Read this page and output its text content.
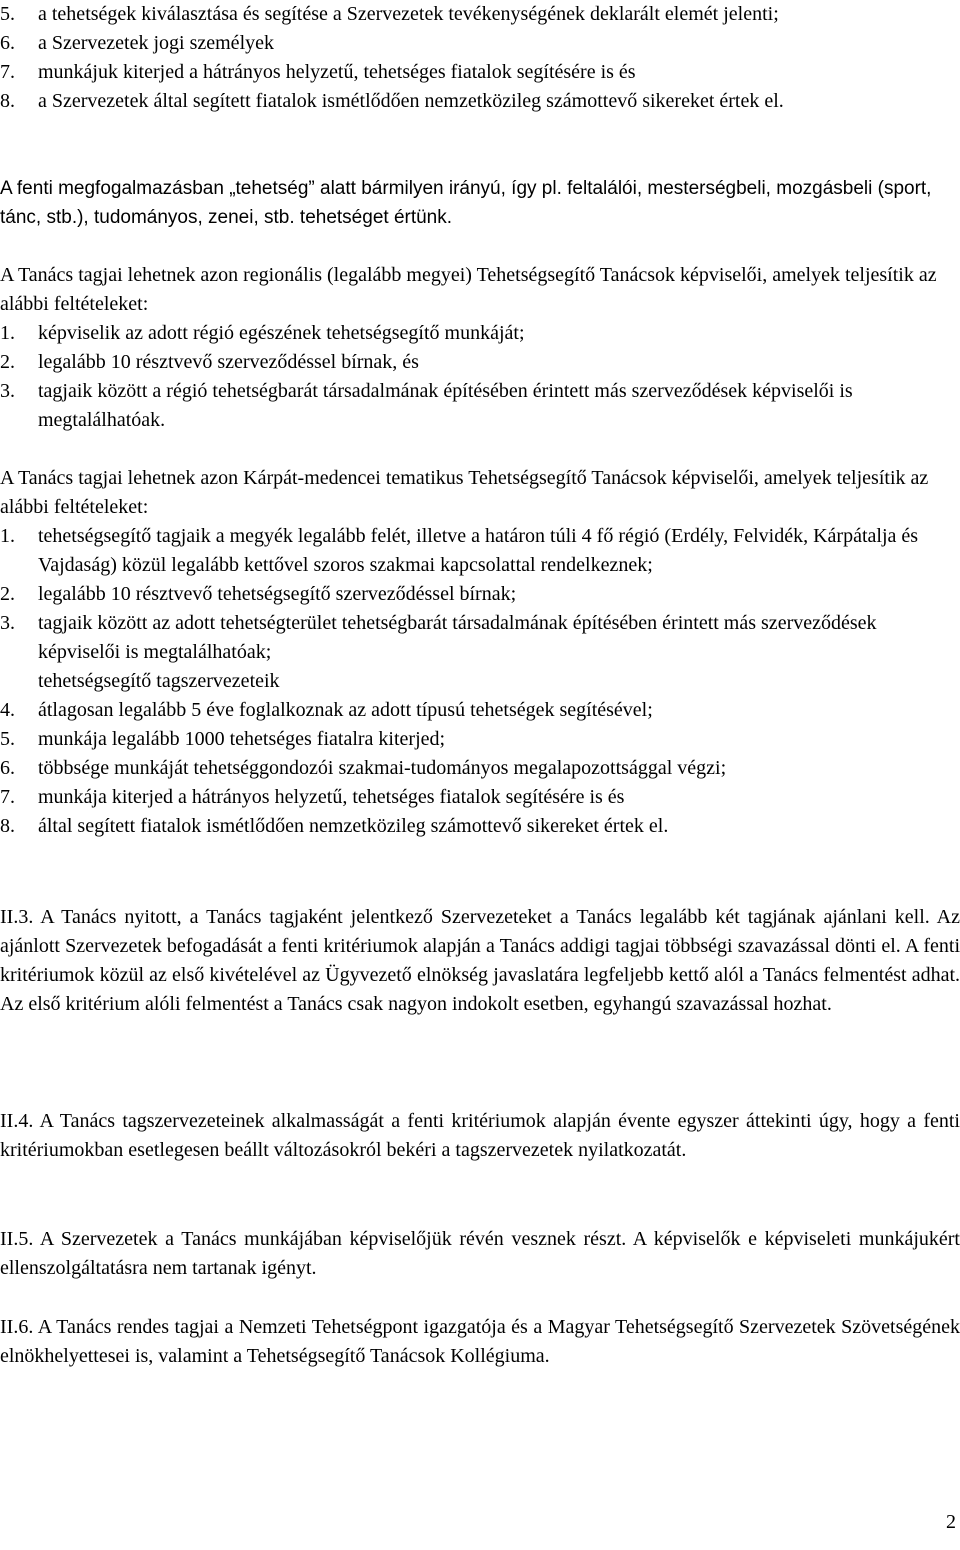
5. a tehetségek kiválasztása és segítése a Szervezetek tevékenységének deklarált elemét jelenti;
6. a Szervezetek jogi személyek
7. munkájuk kiterjed a hátrányos helyzetű, tehetséges fiatalok segítésére is és
8. a Szervezetek által segített fiatalok ismétlődően nemzetközileg számottevő sikereket értek el.

A fenti megfogalmazásban „tehetség” alatt bármilyen irányú, így pl. feltalálói, mesterségbeli, mozgásbeli (sport, tánc, stb.), tudományos, zenei, stb. tehetséget értünk.

A Tanács tagjai lehetnek azon regionális (legalább megyei) Tehetségsegítő Tanácsok képviselői, amelyek teljesítik az alábbi feltételeket:

1. képviselik az adott régió egészének tehetségsegítő munkáját;
2. legalább 10 résztvevő szerveződéssel bírnak, és
3. tagjaik között a régió tehetségbarát társadalmának építésében érintett más szerveződések képviselői is megtalálhatóak.

A Tanács tagjai lehetnek azon Kárpát-medencei tematikus Tehetségsegítő Tanácsok képviselői, amelyek teljesítik az alábbi feltételeket:

1. tehetségsegítő tagjaik a megyék legalább felét, illetve a határon túli 4 fő régió (Erdély, Felvidék, Kárpátalja és Vajdaság) közül legalább kettővel szoros szakmai kapcsolattal rendelkeznek;
2. legalább 10 résztvevő tehetségsegítő szerveződéssel bírnak;
3. tagjaik között az adott tehetségterület tehetségbarát társadalmának építésében érintett más szerveződések képviselői is megtalálhatóak;

tehetségsegítő tagszervezeteik

4. átlagosan legalább 5 éve foglalkoznak az adott típusú tehetségek segítésével;
5. munkája legalább 1000 tehetséges fiatalra kiterjed;
6. többsége munkáját tehetséggondozói szakmai-tudományos megalapozottsággal végzi;
7. munkája kiterjed a hátrányos helyzetű, tehetséges fiatalok segítésére is és
8. által segített fiatalok ismétlődően nemzetközileg számottevő sikereket értek el.

II.3. A Tanács nyitott, a Tanács tagjaként jelentkező Szervezeteket a Tanács legalább két tagjának ajánlani kell. Az ajánlott Szervezetek befogadását a fenti kritériumok alapján a Tanács addigi tagjai többségi szavazással dönti el. A fenti kritériumok közül az első kivételével az Ügyvezető elnökség javaslatára legfeljebb kettő alól a Tanács felmentést adhat. Az első kritérium alóli felmentést a Tanács csak nagyon indokolt esetben, egyhangú szavazással hozhat.

II.4. A Tanács tagszervezeteinek alkalmasságát a fenti kritériumok alapján évente egyszer áttekinti úgy, hogy a fenti kritériumokban esetlegesen beállt változásokról bekéri a tagszervezetek nyilatkozatát.

II.5. A Szervezetek a Tanács munkájában képviselőjük révén vesznek részt. A képviselők e képviseleti munkájukért ellenszolgáltatásra nem tartanak igényt.

II.6. A Tanács rendes tagjai a Nemzeti Tehetségpont igazgatója és a Magyar Tehetségsegítő Szervezetek Szövetségének elnökhelyettesei is, valamint a Tehetségsegítő Tanácsok Kollégiuma.

2
